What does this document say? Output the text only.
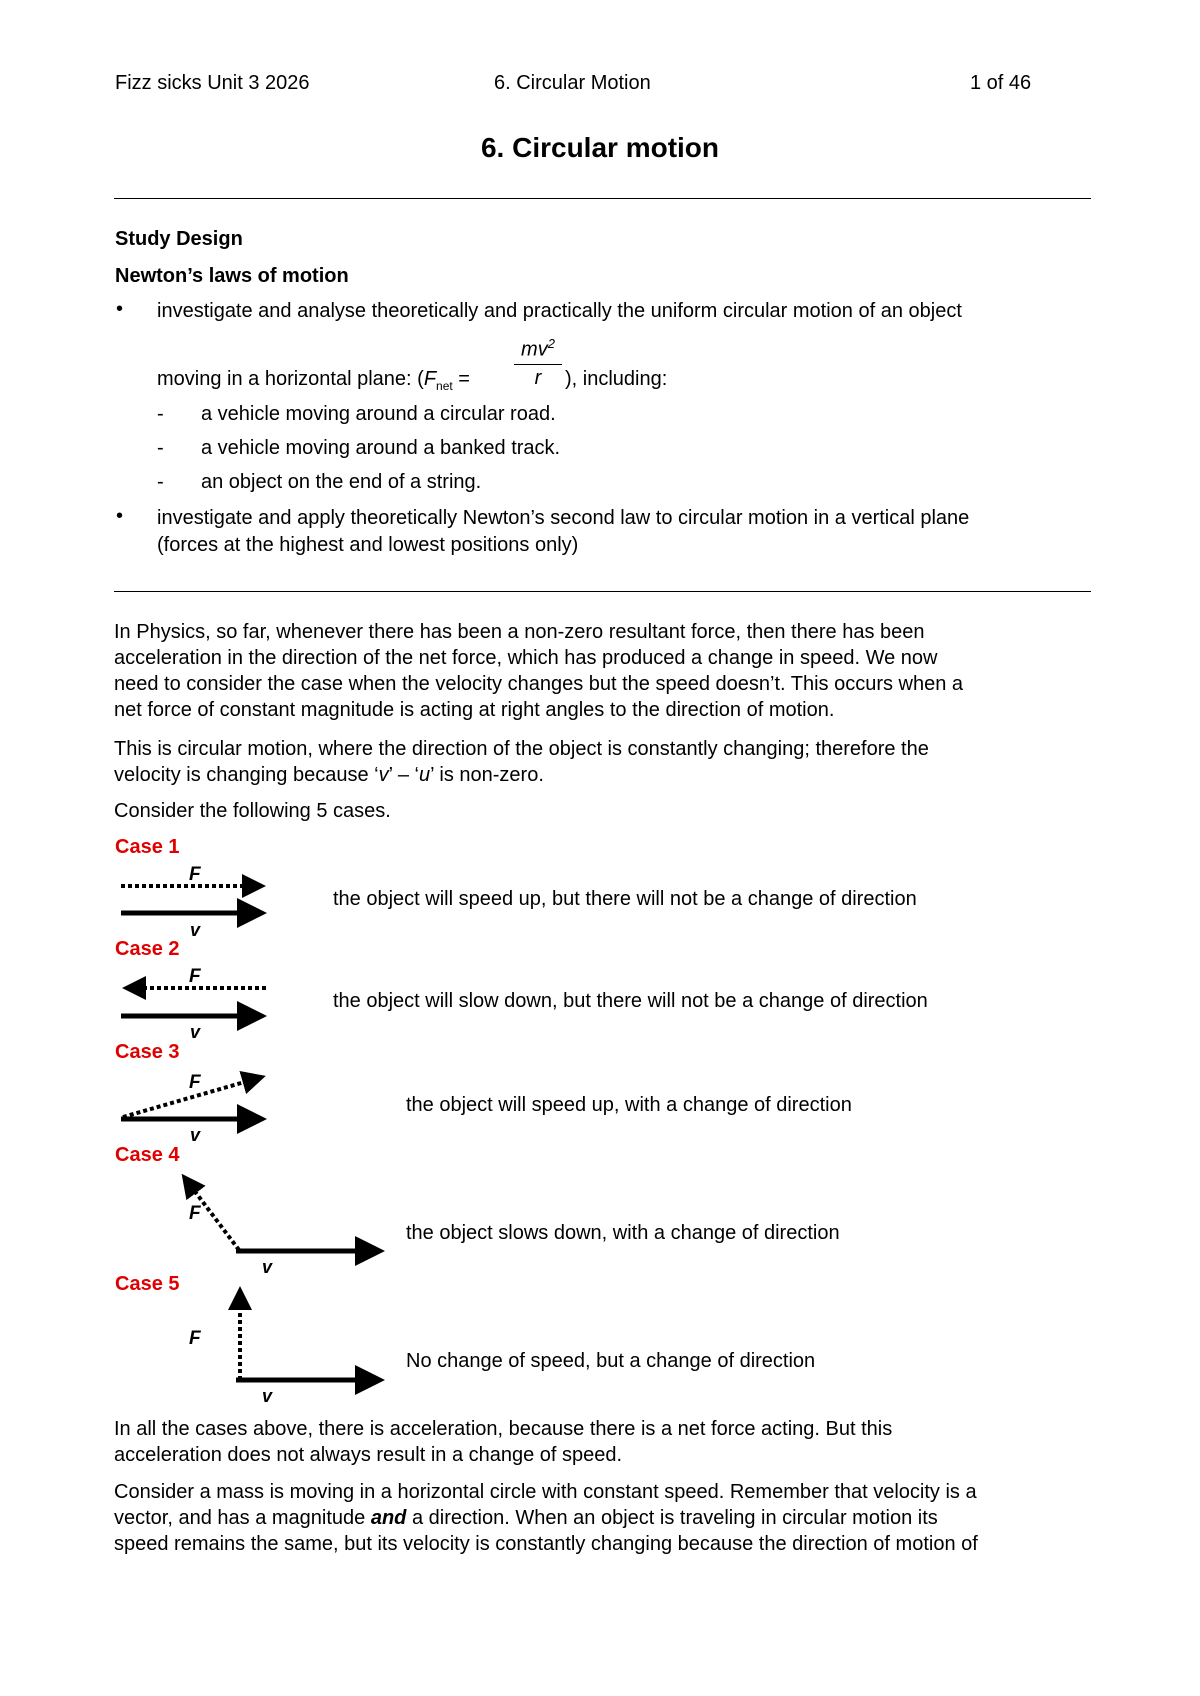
Fizz sicks Unit 3 2026	6. Circular Motion	1 of 46
6. Circular motion
Study Design
Newton’s laws of motion
• investigate and analyse theoretically and practically the uniform circular motion of an object
$\frac{mv^2}{r}$
moving in a horizontal plane: ($F_{net}$ =	), including:
- a vehicle moving around a circular road.
- a vehicle moving around a banked track.
- an object on the end of a string.
• investigate and apply theoretically Newton’s second law to circular motion in a vertical plane
(forces at the highest and lowest positions only)
In Physics, so far, whenever there has been a non-zero resultant force, then there has been
acceleration in the direction of the net force, which has produced a change in speed. We now
need to consider the case when the velocity changes but the speed doesn’t. This occurs when a
net force of constant magnitude is acting at right angles to the direction of motion.
This is circular motion, where the direction of the object is constantly changing; therefore the
velocity is changing because ‘v’ – ‘u’ is non-zero.
Consider the following 5 cases.
Case 1
the object will speed up, but there will not be a change of direction
Case 2
the object will slow down, but there will not be a change of direction
Case 3
the object will speed up, with a change of direction
Case 4
the object slows down, with a change of direction
Case 5
No change of speed, but a change of direction
F
v
F
v
F
v
F
v
F
v
In all the cases above, there is acceleration, because there is a net force acting. But this
acceleration does not always result in a change of speed.
Consider a mass is moving in a horizontal circle with constant speed. Remember that velocity is a
vector, and has a magnitude and a direction. When an object is traveling in circular motion its
speed remains the same, but its velocity is constantly changing because the direction of motion of
